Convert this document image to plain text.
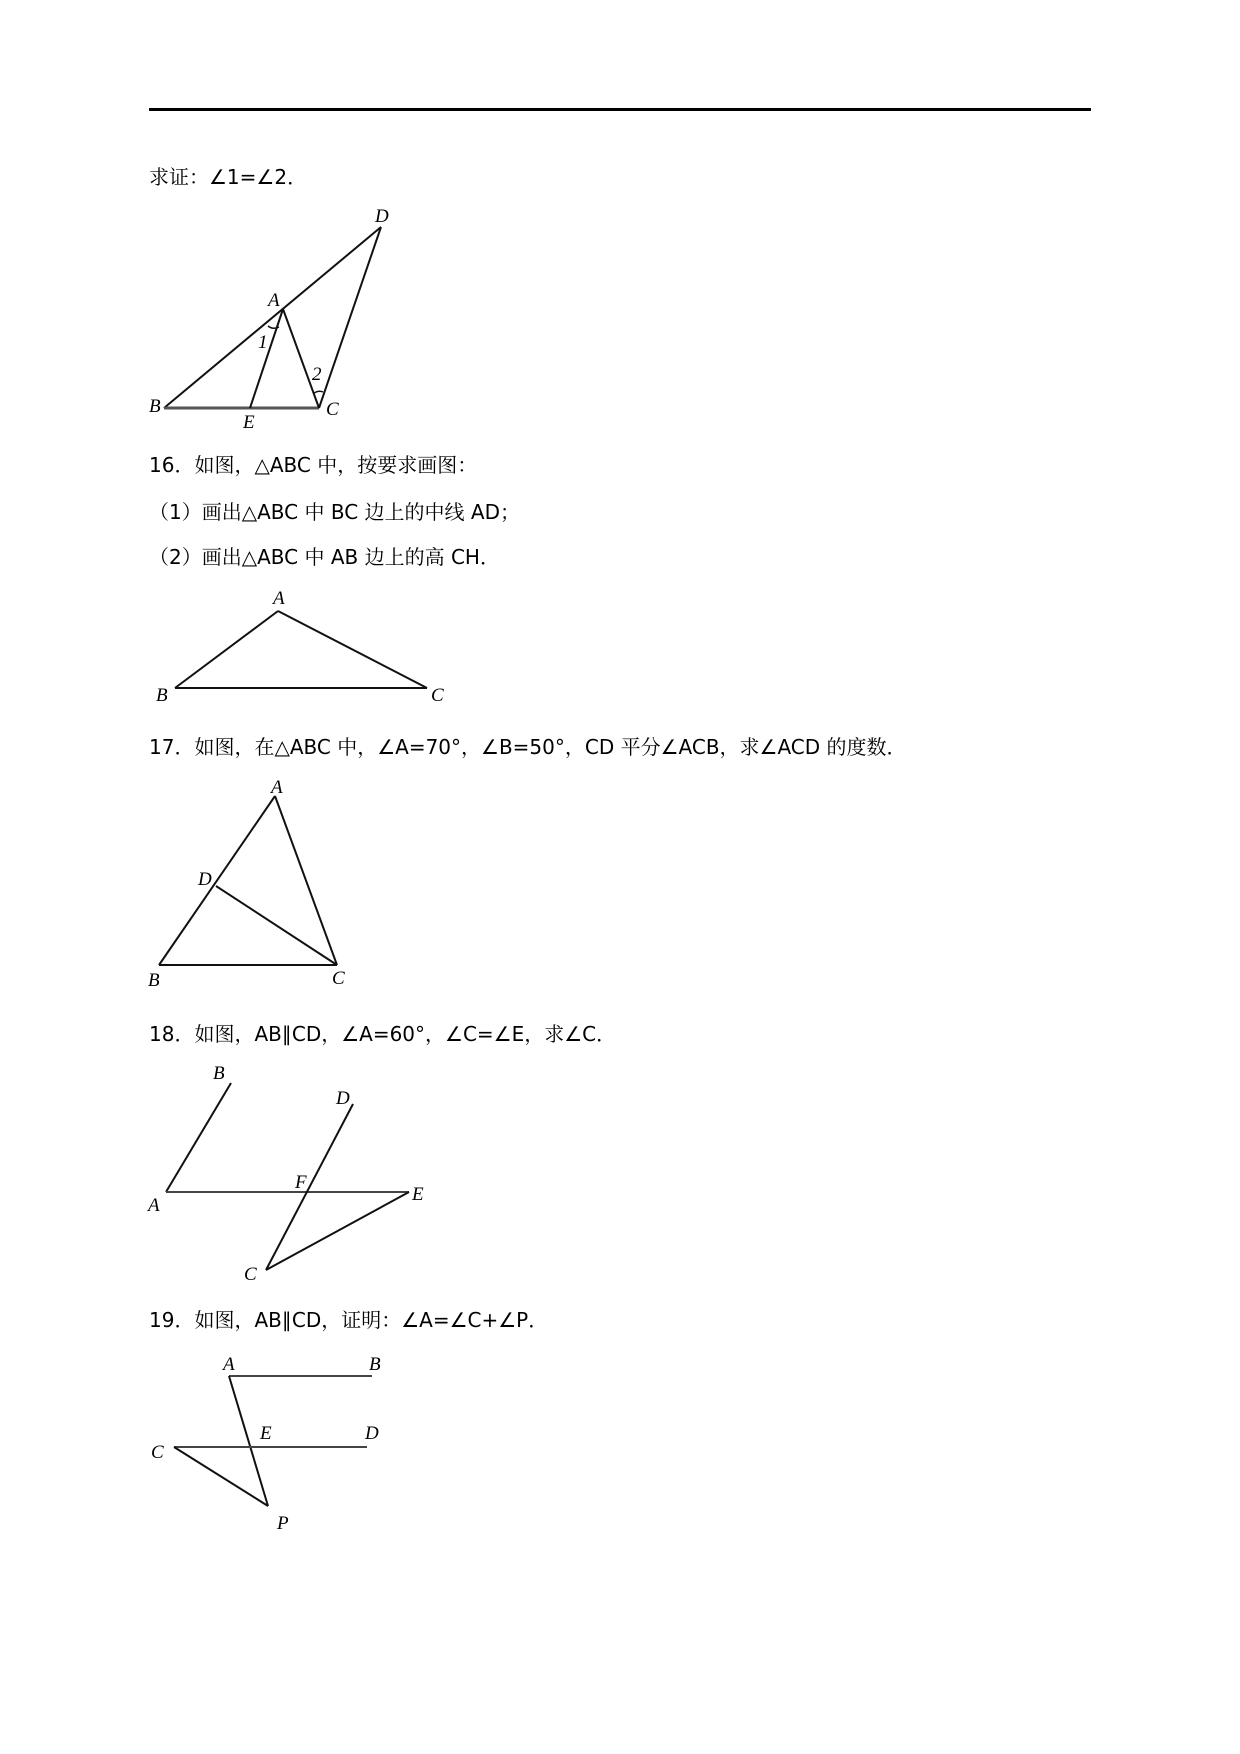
求证：∠1=∠2．
16．如图，△ABC 中，按要求画图：
（1）画出△ABC 中 BC 边上的中线 AD；
（2）画出△ABC 中 AB 边上的高 CH．
17．如图，在△ABC 中，∠A=70°，∠B=50°，CD 平分∠ACB，求∠ACD 的度数．
18．如图，AB∥CD，∠A=60°，∠C=∠E，求∠C．
19．如图，AB∥CD，证明：∠A=∠C+∠P．
D
A
B
E
C
1
2
A
B	C
A
B	C
D
B
D
A
F
E
C
A	B
C
E	D
P
